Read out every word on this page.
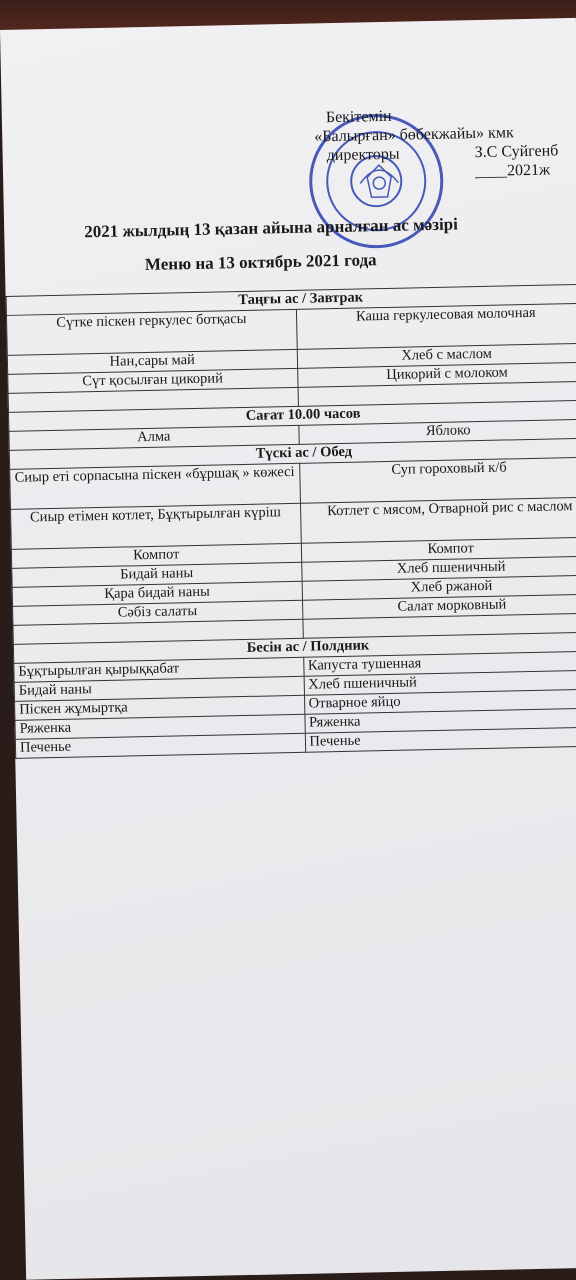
Бекітемін
«Балырған» бөбекжайы» кмк
директоры	З.С Суйгенб
____2021ж
2021 жылдың 13 қазан айына арналған ас мәзірі
Меню на 13 октябрь 2021 года
Таңғы ас / Завтрак	
Сүтке піскен геркулес ботқасы	Каша геркулесовая молочная
Нан,сары май	Хлеб с маслом
Сүт қосылған цикорий	Цикорий с молоком

Сағат 10.00 часов	
Алма	Яблоко
Түскі ас / Обед	
Сиыр еті сорпасына піскен «бұршақ » көжесі	Суп гороховый к/б
Сиыр етімен котлет, Бұқтырылған күріш	Котлет с мясом, Отварной рис с маслом
Компот	Компот
Бидай наны	Хлеб пшеничный
Қара бидай наны	Хлеб ржаной
Сәбіз салаты	Салат морковный

Бесін ас / Полдник	
Бұқтырылған қырыққабат	Капуста тушенная
Бидай наны	Хлеб пшеничный
Піскен жұмыртқа	Отварное яйцо
Ряженка	Ряженка
Печенье	Печенье
